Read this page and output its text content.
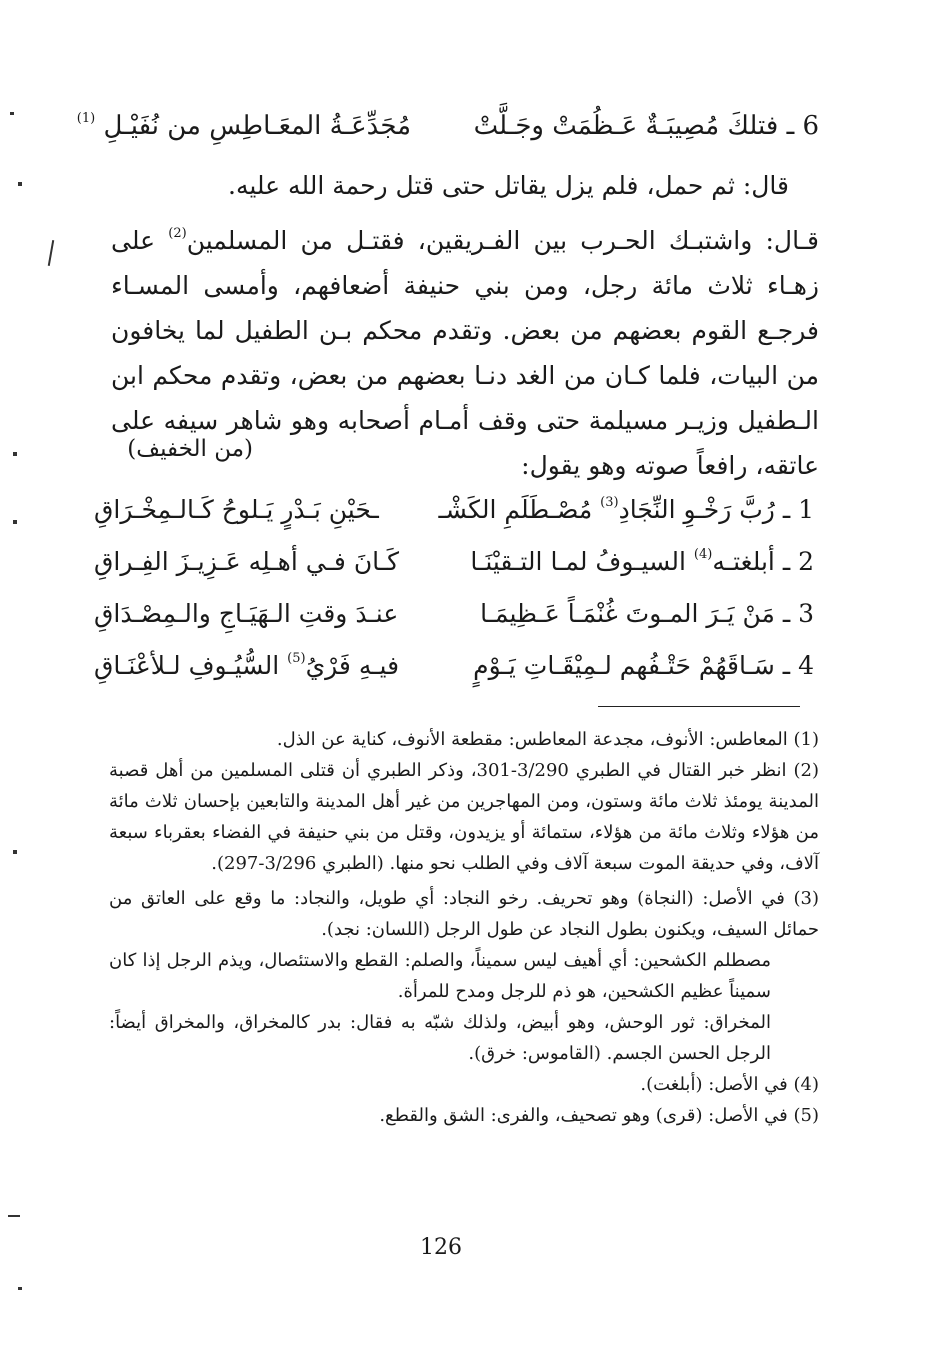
6 ـ فتلكَ مُصِيبَـةٌ عَـظُمَتْ وجَـلَّتْ  مُجَدِّعَـةُ المعَـاطِسِ من نُفَيْـلِ $^{(1)}$
قال: ثم حمل، فلم يزل يقاتل حتى قتل رحمة الله عليه.
قـال: واشتبـك الحـرب بين الفـريقين، فقتـل من المسلمين$^{(2)}$ على زهـاء ثلاث مائة رجل، ومن بني حنيفة أضعافهم، وأمسى المسـاء فرجـع القوم بعضهم من بعض. وتقدم محكم بـن الطفيل لما يخافون من البيات، فلما كـان من الغد دنـا بعضهم من بعض، وتقدم محكم ابن الـطفيل وزيـر مسيلمة حتى وقف أمـام أصحابه وهو شاهر سيفه على عاتقه، رافعاً صوته وهو يقول:
(من الخفيف)
1 ـ رُبَّ رَخْـوِ النِّجَادِ$^{(3)}$ مُصْـطَلَمِ الكَشْـ
ـحَيْنِ بَـدْرٍ يَـلوحُ كَـالـمِخْـرَاقِ
2 ـ أبلغتـه$^{(4)}$ السيـوفُ لمـا التـقيْنَـا
كَـانَ فـي أهـلِه عَـزِيـزَ الفِـراقِ
3 ـ مَنْ يَـرَ المـوتَ غُنْمَـاً عَـظِيمَـا
عنـدَ وقتِ الـهَيَـاجِ والـمِصْـدَاقِ
4 ـ سَـاقَهُمْ حَتْـفُهم لـمِيْقَـاتِ يَـوْمٍ
فيـهِ فَرْيُ$^{(5)}$ السُّيُـوفِ لـلأعْنَـاقِ
(1) المعاطس: الأنوف، مجدعة المعاطس: مقطعة الأنوف، كناية عن الذل.
(2) انظر خبر القتال في الطبري 3/290-301، وذكر الطبري أن قتلى المسلمين من أهل قصبة المدينة يومئذ ثلاث مائة وستون، ومن المهاجرين من غير أهل المدينة والتابعين بإحسان ثلاث مائة من هؤلاء وثلاث مائة من هؤلاء، ستمائة أو يزيدون، وقتل من بني حنيفة في الفضاء بعقرباء سبعة آلاف، وفي حديقة الموت سبعة آلاف وفي الطلب نحو منها. (الطبري 3/296-297).
(3) في الأصل: (النجاة) وهو تحريف. رخو النجاد: أي طويل، والنجاد: ما وقع على العاتق من حمائل السيف، ويكنون بطول النجاد عن طول الرجل (اللسان: نجد).
مصطلم الكشحين: أي أهيف ليس سميناً، والصلم: القطع والاستئصال، ويذم الرجل إذا كان سميناً عظيم الكشحين، هو ذم للرجل ومدح للمرأة.
المخراق: ثور الوحش، وهو أبيض، ولذلك شبّه به فقال: بدر كالمخراق، والمخراق أيضاً: الرجل الحسن الجسم. (القاموس: خرق).
(4) في الأصل: (أبلغت).
(5) في الأصل: (قرى) وهو تصحيف، والفرى: الشق والقطع.
126
